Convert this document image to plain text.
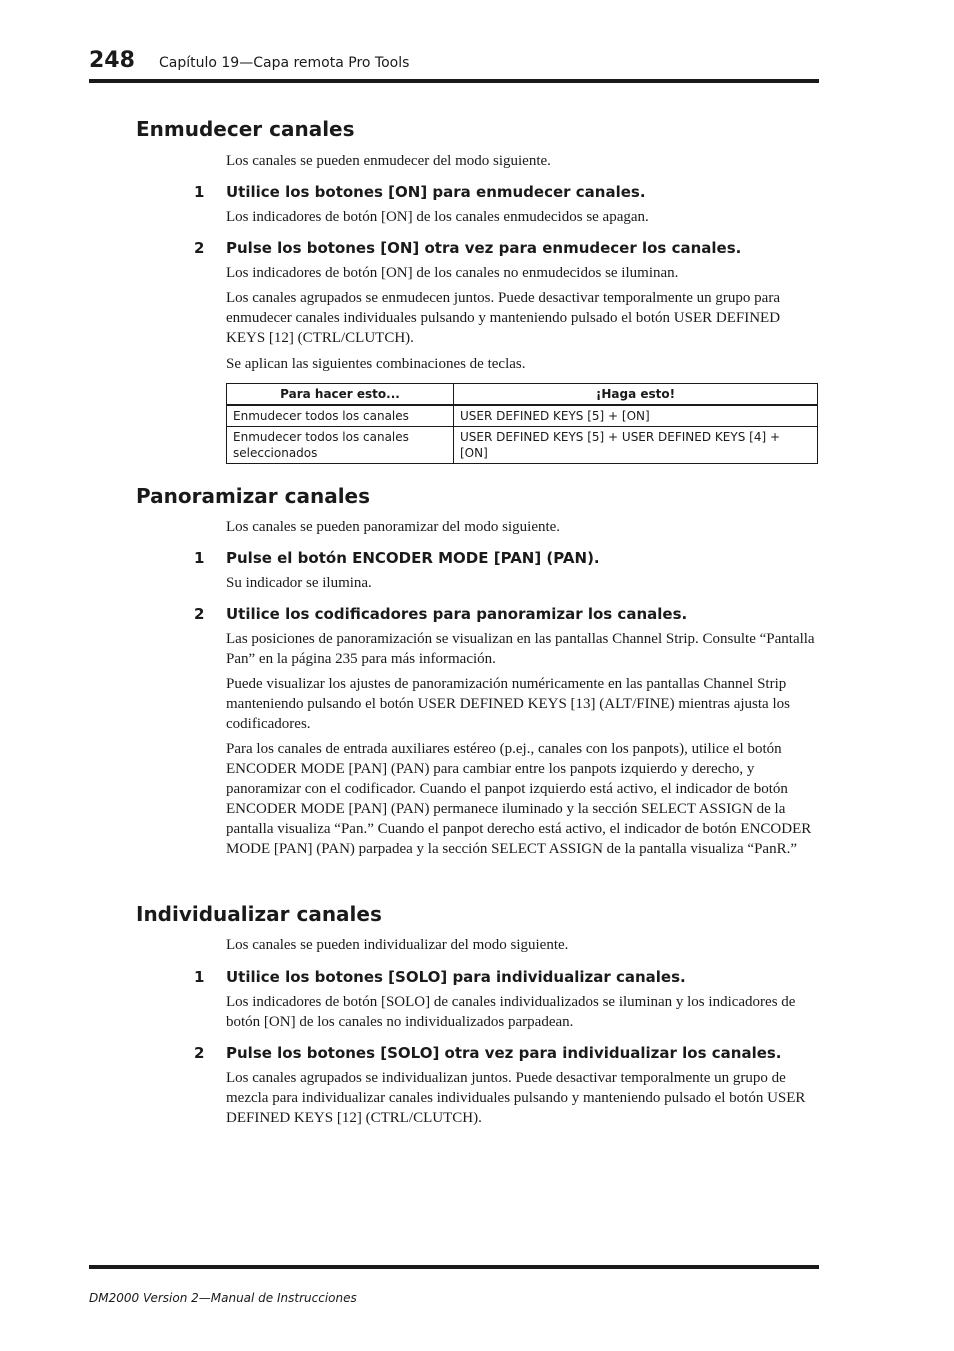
248 Capítulo 19—Capa remota Pro Tools
Enmudecer canales

Los canales se pueden enmudecer del modo siguiente.

1 Utilice los botones [ON] para enmudecer canales.

Los indicadores de botón [ON] de los canales enmudecidos se apagan.

2 Pulse los botones [ON] otra vez para enmudecer los canales.

Los indicadores de botón [ON] de los canales no enmudecidos se iluminan.

Los canales agrupados se enmudecen juntos. Puede desactivar temporalmente un grupo para enmudecer canales individuales pulsando y manteniendo pulsado el botón USER DEFINED KEYS [12] (CTRL/CLUTCH).

Se aplican las siguientes combinaciones de teclas.

Para hacer esto...	¡Haga esto!
Enmudecer todos los canales	USER DEFINED KEYS [5] + [ON]
Enmudecer todos los canales seleccionados	USER DEFINED KEYS [5] + USER DEFINED KEYS [4] + [ON]
Panoramizar canales

Los canales se pueden panoramizar del modo siguiente.

1 Pulse el botón ENCODER MODE [PAN] (PAN).

Su indicador se ilumina.

2 Utilice los codificadores para panoramizar los canales.

Las posiciones de panoramización se visualizan en las pantallas Channel Strip. Consulte “Pantalla Pan” en la página 235 para más información.

Puede visualizar los ajustes de panoramización numéricamente en las pantallas Channel Strip manteniendo pulsando el botón USER DEFINED KEYS [13] (ALT/FINE) mientras ajusta los codificadores.

Para los canales de entrada auxiliares estéreo (p.ej., canales con los panpots), utilice el botón ENCODER MODE [PAN] (PAN) para cambiar entre los panpots izquierdo y derecho, y panoramizar con el codificador. Cuando el panpot izquierdo está activo, el indicador de botón ENCODER MODE [PAN] (PAN) permanece iluminado y la sección SELECT ASSIGN de la pantalla visualiza “Pan.” Cuando el panpot derecho está activo, el indicador de botón ENCODER MODE [PAN] (PAN) parpadea y la sección SELECT ASSIGN de la pantalla visualiza “PanR.”

Individualizar canales

Los canales se pueden individualizar del modo siguiente.

1 Utilice los botones [SOLO] para individualizar canales.

Los indicadores de botón [SOLO] de canales individualizados se iluminan y los indicadores de botón [ON] de los canales no individualizados parpadean.

2 Pulse los botones [SOLO] otra vez para individualizar los canales.

Los canales agrupados se individualizan juntos. Puede desactivar temporalmente un grupo de mezcla para individualizar canales individuales pulsando y manteniendo pulsado el botón USER DEFINED KEYS [12] (CTRL/CLUTCH).

DM2000 Version 2—Manual de Instrucciones
